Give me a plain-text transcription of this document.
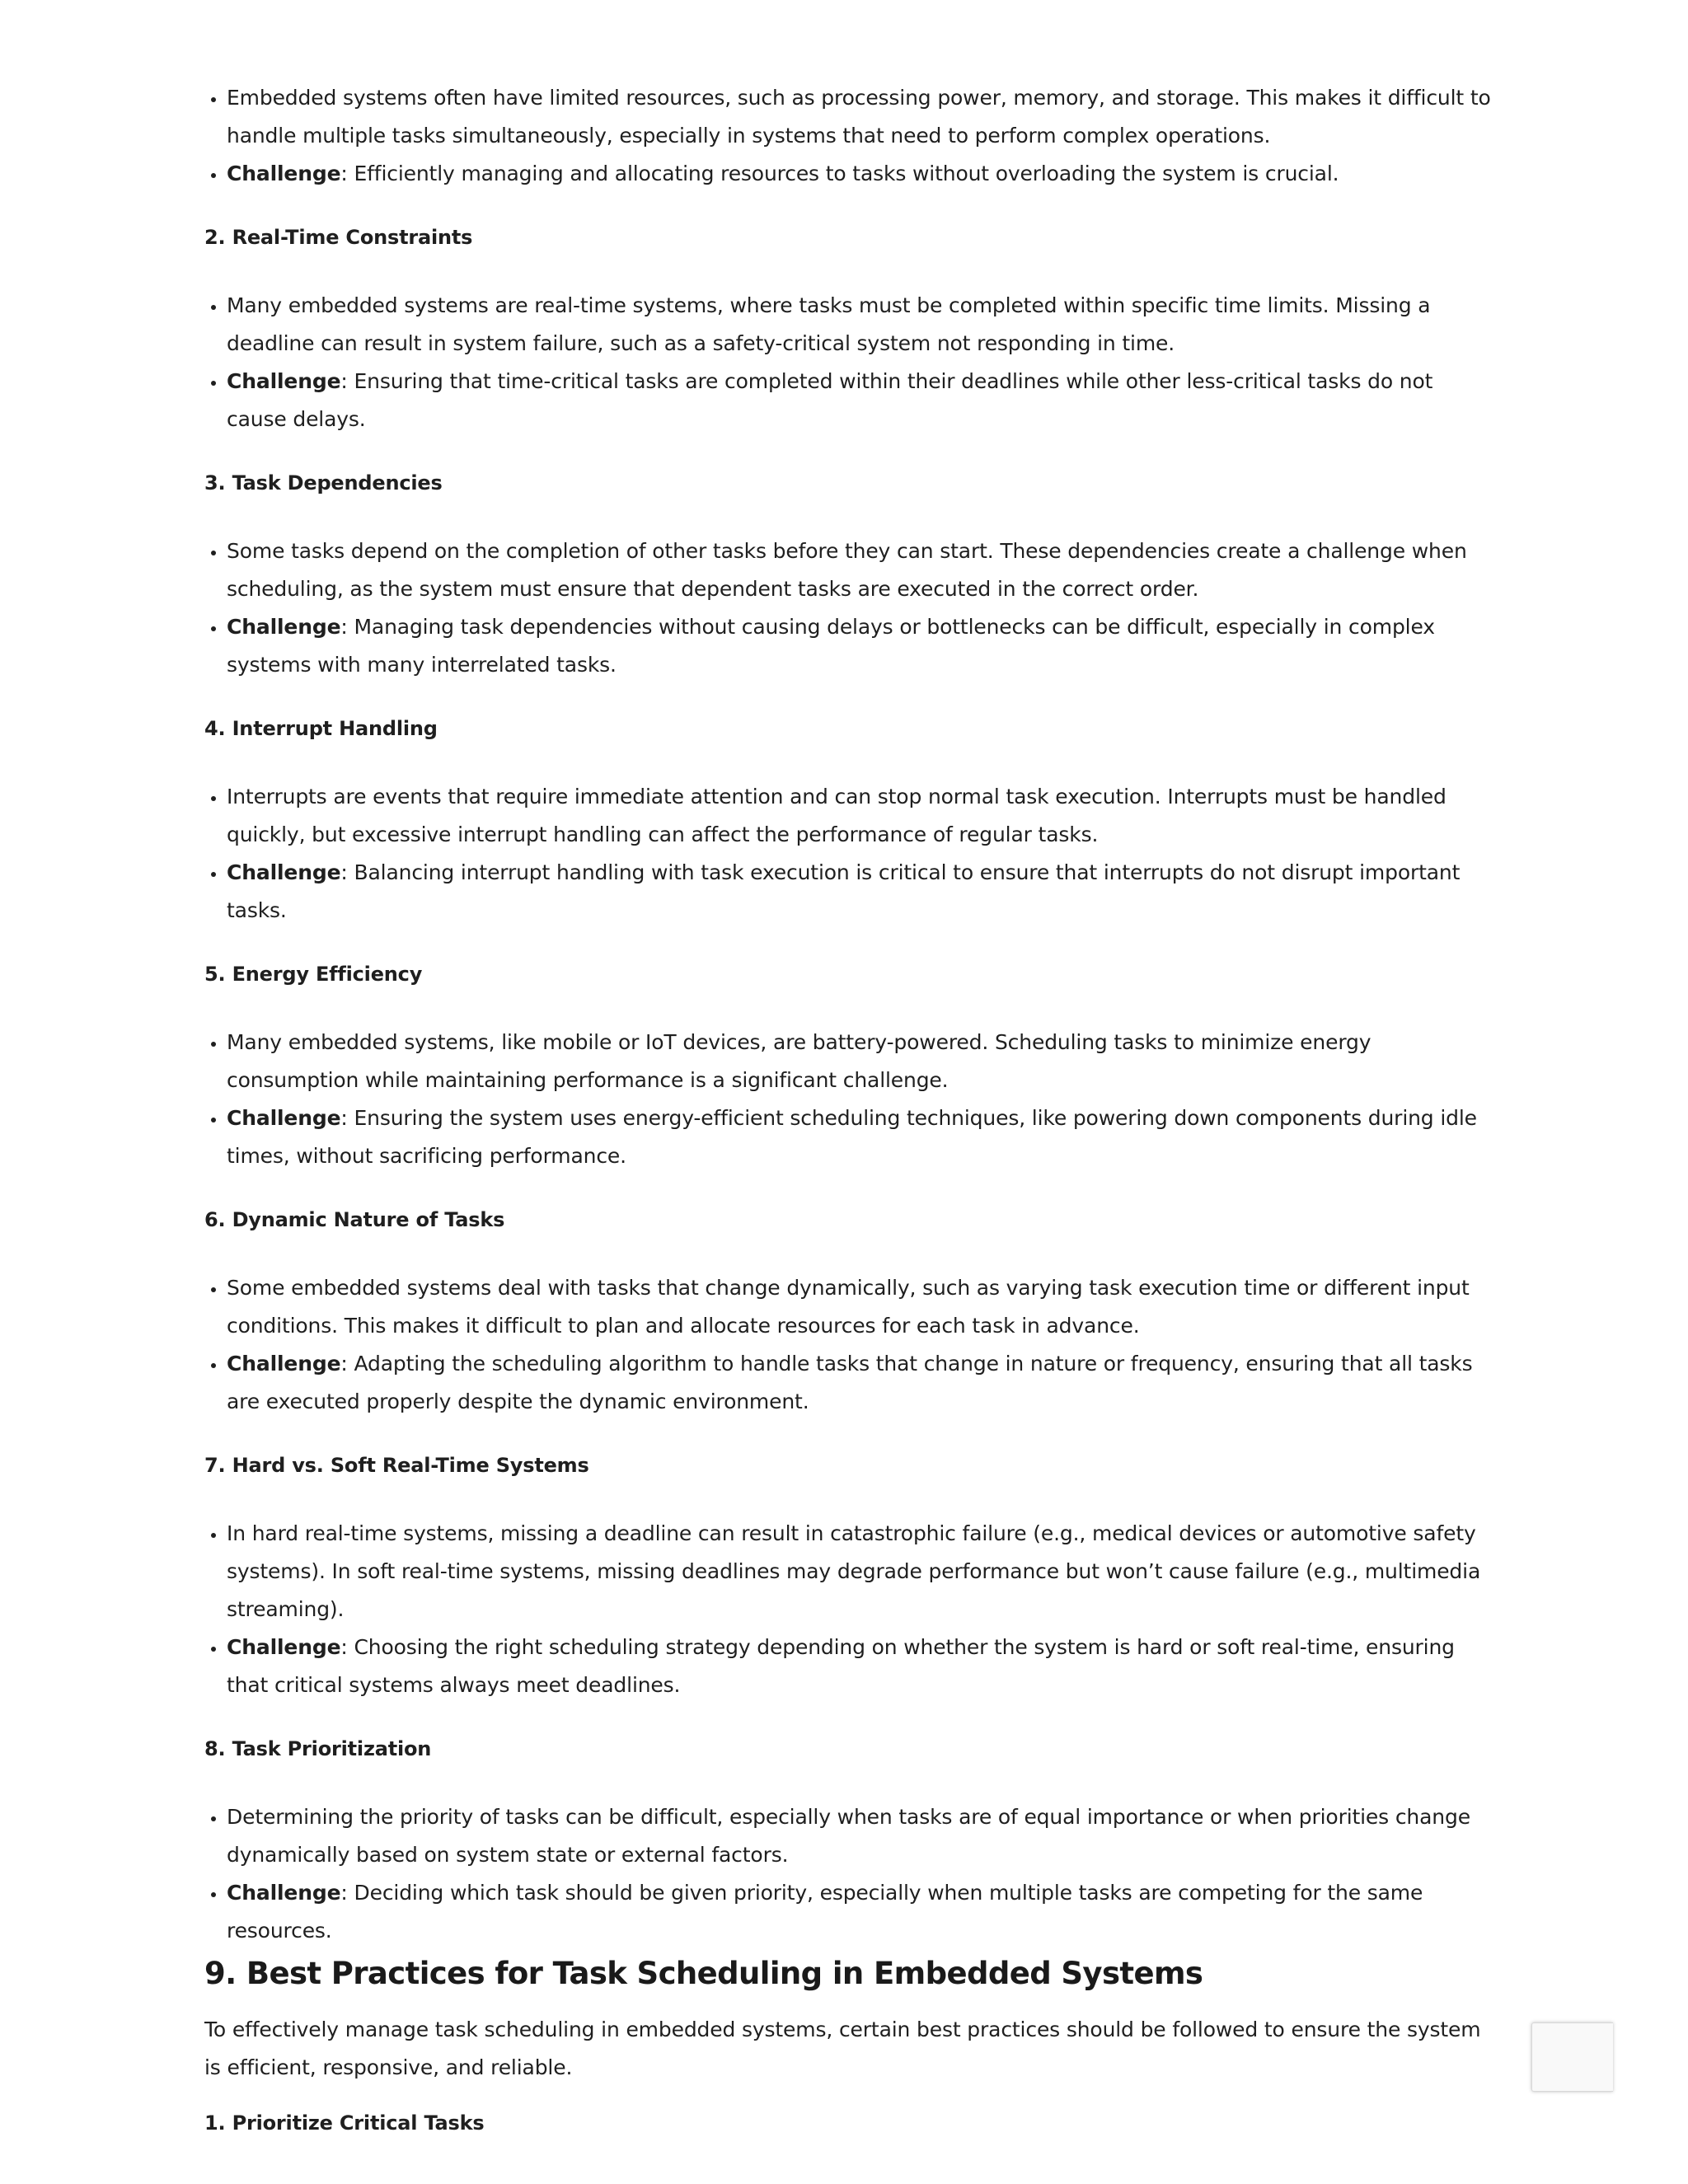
• Embedded systems often have limited resources, such as processing power, memory, and storage. This makes it difficult to handle multiple tasks simultaneously, especially in systems that need to perform complex operations.
• Challenge: Efficiently managing and allocating resources to tasks without overloading the system is crucial.
2. Real-Time Constraints
• Many embedded systems are real-time systems, where tasks must be completed within specific time limits. Missing a deadline can result in system failure, such as a safety-critical system not responding in time.
• Challenge: Ensuring that time-critical tasks are completed within their deadlines while other less-critical tasks do not cause delays.
3. Task Dependencies
• Some tasks depend on the completion of other tasks before they can start. These dependencies create a challenge when scheduling, as the system must ensure that dependent tasks are executed in the correct order.
• Challenge: Managing task dependencies without causing delays or bottlenecks can be difficult, especially in complex systems with many interrelated tasks.
4. Interrupt Handling
• Interrupts are events that require immediate attention and can stop normal task execution. Interrupts must be handled quickly, but excessive interrupt handling can affect the performance of regular tasks.
• Challenge: Balancing interrupt handling with task execution is critical to ensure that interrupts do not disrupt important tasks.
5. Energy Efficiency
• Many embedded systems, like mobile or IoT devices, are battery-powered. Scheduling tasks to minimize energy consumption while maintaining performance is a significant challenge.
• Challenge: Ensuring the system uses energy-efficient scheduling techniques, like powering down components during idle times, without sacrificing performance.
6. Dynamic Nature of Tasks
• Some embedded systems deal with tasks that change dynamically, such as varying task execution time or different input conditions. This makes it difficult to plan and allocate resources for each task in advance.
• Challenge: Adapting the scheduling algorithm to handle tasks that change in nature or frequency, ensuring that all tasks are executed properly despite the dynamic environment.
7. Hard vs. Soft Real-Time Systems
• In hard real-time systems, missing a deadline can result in catastrophic failure (e.g., medical devices or automotive safety systems). In soft real-time systems, missing deadlines may degrade performance but won’t cause failure (e.g., multimedia streaming).
• Challenge: Choosing the right scheduling strategy depending on whether the system is hard or soft real-time, ensuring that critical systems always meet deadlines.
8. Task Prioritization
• Determining the priority of tasks can be difficult, especially when tasks are of equal importance or when priorities change dynamically based on system state or external factors.
• Challenge: Deciding which task should be given priority, especially when multiple tasks are competing for the same resources.
9. Best Practices for Task Scheduling in Embedded Systems

To effectively manage task scheduling in embedded systems, certain best practices should be followed to ensure the system is efficient, responsive, and reliable.

1. Prioritize Critical Tasks
